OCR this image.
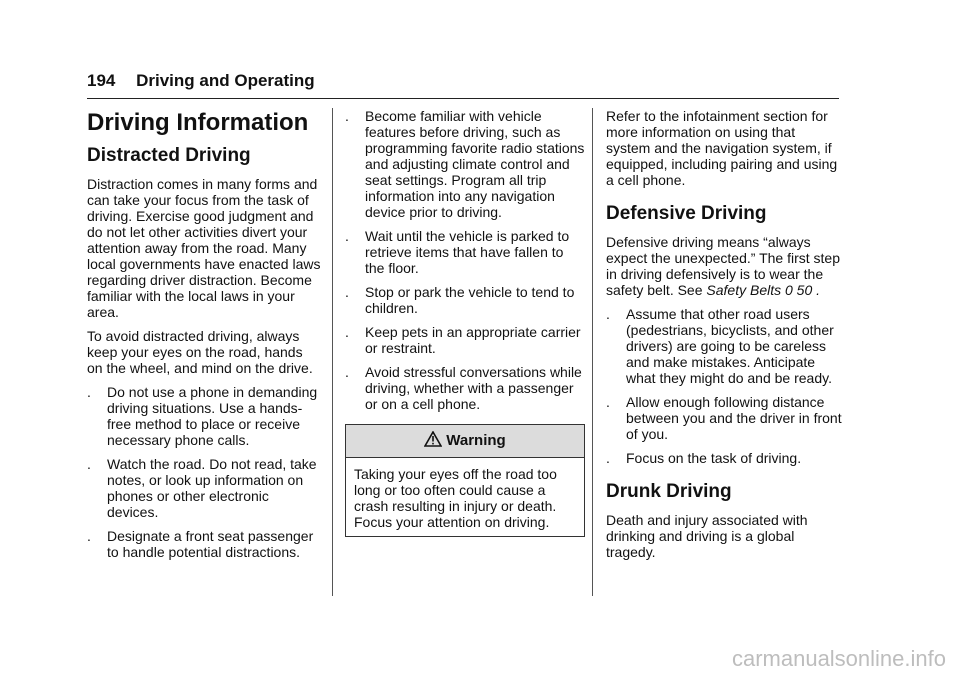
194 Driving and Operating
Driving Information
Distracted Driving

Distraction comes in many forms and can take your focus from the task of driving. Exercise good judgment and do not let other activities divert your attention away from the road. Many local governments have enacted laws regarding driver distraction. Become familiar with the local laws in your area.

To avoid distracted driving, always keep your eyes on the road, hands on the wheel, and mind on the drive.

. Do not use a phone in demanding driving situations. Use a hands-free method to place or receive necessary phone calls.
. Watch the road. Do not read, take notes, or look up information on phones or other electronic devices.
. Designate a front seat passenger to handle potential distractions.
. Become familiar with vehicle features before driving, such as programming favorite radio stations and adjusting climate control and seat settings. Program all trip information into any navigation device prior to driving.
. Wait until the vehicle is parked to retrieve items that have fallen to the floor.
. Stop or park the vehicle to tend to children.
. Keep pets in an appropriate carrier or restraint.
. Avoid stressful conversations while driving, whether with a passenger or on a cell phone.
Warning
Taking your eyes off the road too long or too often could cause a crash resulting in injury or death. Focus your attention on driving.

Refer to the infotainment section for more information on using that system and the navigation system, if equipped, including pairing and using a cell phone.

Defensive Driving

Defensive driving means “always expect the unexpected.” The first step in driving defensively is to wear the safety belt. See Safety Belts 0 50 .

. Assume that other road users (pedestrians, bicyclists, and other drivers) are going to be careless and make mistakes. Anticipate what they might do and be ready.
. Allow enough following distance between you and the driver in front of you.
. Focus on the task of driving.
Drunk Driving

Death and injury associated with drinking and driving is a global tragedy.

carmanualsonline.info
